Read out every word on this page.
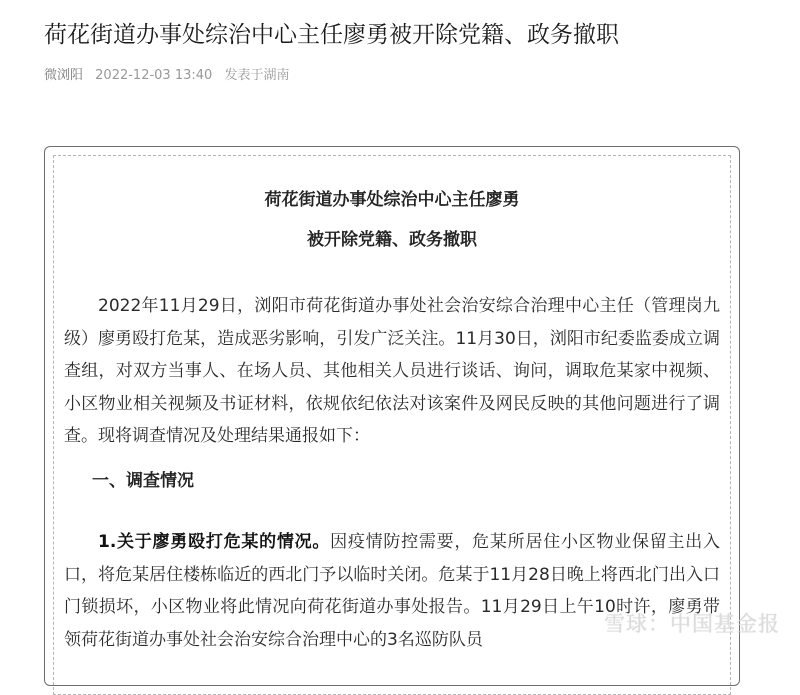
荷花街道办事处综治中心主任廖勇被开除党籍、政务撤职
微浏阳 2022-12-03 13:40 发表于湖南
荷花街道办事处综治中心主任廖勇
被开除党籍、政务撤职

2022年11月29日，浏阳市荷花街道办事处社会治安综合治理中心主任（管理岗九级）廖勇殴打危某，造成恶劣影响，引发广泛关注。11月30日，浏阳市纪委监委成立调查组，对双方当事人、在场人员、其他相关人员进行谈话、询问，调取危某家中视频、小区物业相关视频及书证材料，依规依纪依法对该案件及网民反映的其他问题进行了调查。现将调查情况及处理结果通报如下：

一、调查情况

1.关于廖勇殴打危某的情况。因疫情防控需要，危某所居住小区物业保留主出入口，将危某居住楼栋临近的西北门予以临时关闭。危某于11月28日晚上将西北门出入口门锁损坏，小区物业将此情况向荷花街道办事处报告。11月29日上午10时许，廖勇带领荷花街道办事处社会治安综合治理中心的3名巡防队员

雪球：中国基金报
